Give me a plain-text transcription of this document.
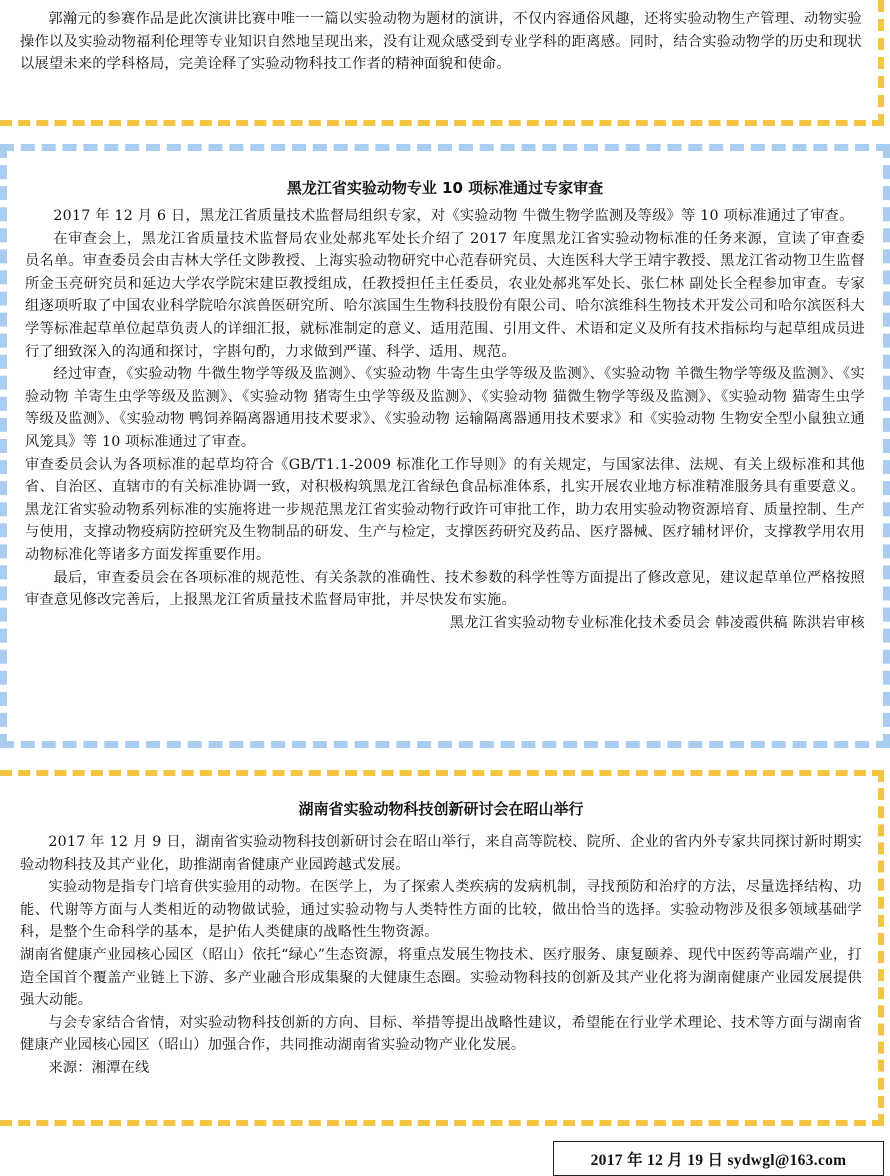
郭瀚元的参赛作品是此次演讲比赛中唯一一篇以实验动物为题材的演讲，不仅内容通俗风趣，还将实验动物生产管理、动物实验操作以及实验动物福利伦理等专业知识自然地呈现出来，没有让观众感受到专业学科的距离感。同时，结合实验动物学的历史和现状以展望未来的学科格局，完美诠释了实验动物科技工作者的精神面貌和使命。

黑龙江省实验动物专业 10 项标准通过专家审查

2017 年 12 月 6 日，黑龙江省质量技术监督局组织专家，对《实验动物 牛微生物学监测及等级》等 10 项标准通过了审查。

在审查会上，黑龙江省质量技术监督局农业处郝兆军处长介绍了 2017 年度黑龙江省实验动物标准的任务来源，宣读了审查委员名单。审查委员会由吉林大学任文陟教授、上海实验动物研究中心范春研究员、大连医科大学王靖宇教授、黑龙江省动物卫生监督所金玉亮研究员和延边大学农学院宋建臣教授组成，任教授担任主任委员，农业处郝兆军处长、张仁林 副处长全程参加审查。专家组逐项听取了中国农业科学院哈尔滨兽医研究所、哈尔滨国生生物科技股份有限公司、哈尔滨维科生物技术开发公司和哈尔滨医科大学等标准起草单位起草负责人的详细汇报，就标准制定的意义、适用范围、引用文件、术语和定义及所有技术指标均与起草组成员进行了细致深入的沟通和探讨，字斟句酌，力求做到严谨、科学、适用、规范。

经过审查，《实验动物 牛微生物学等级及监测》、《实验动物 牛寄生虫学等级及监测》、《实验动物 羊微生物学等级及监测》、《实验动物 羊寄生虫学等级及监测》、《实验动物 猪寄生虫学等级及监测》、《实验动物 猫微生物学等级及监测》、《实验动物 猫寄生虫学等级及监测》、《实验动物 鸭饲养隔离器通用技术要求》、《实验动物 运输隔离器通用技术要求》和《实验动物 生物安全型小鼠独立通风笼具》等 10 项标准通过了审查。

审查委员会认为各项标准的起草均符合《GB/T1.1-2009 标准化工作导则》的有关规定，与国家法律、法规、有关上级标准和其他省、自治区、直辖市的有关标准协调一致，对积极构筑黑龙江省绿色食品标准体系，扎实开展农业地方标准精准服务具有重要意义。黑龙江省实验动物系列标准的实施将进一步规范黑龙江省实验动物行政许可审批工作，助力农用实验动物资源培育、质量控制、生产与使用，支撑动物疫病防控研究及生物制品的研发、生产与检定，支撑医药研究及药品、医疗器械、医疗辅材评价，支撑教学用农用动物标准化等诸多方面发挥重要作用。

最后，审查委员会在各项标准的规范性、有关条款的准确性、技术参数的科学性等方面提出了修改意见，建议起草单位严格按照审查意见修改完善后，上报黑龙江省质量技术监督局审批，并尽快发布实施。

黑龙江省实验动物专业标准化技术委员会 韩凌霞供稿 陈洪岩审核

湖南省实验动物科技创新研讨会在昭山举行

2017 年 12 月 9 日，湖南省实验动物科技创新研讨会在昭山举行，来自高等院校、院所、企业的省内外专家共同探讨新时期实验动物科技及其产业化，助推湖南省健康产业园跨越式发展。

实验动物是指专门培育供实验用的动物。在医学上，为了探索人类疾病的发病机制，寻找预防和治疗的方法，尽量选择结构、功能、代谢等方面与人类相近的动物做试验，通过实验动物与人类特性方面的比较，做出恰当的选择。实验动物涉及很多领域基础学科，是整个生命科学的基本，是护佑人类健康的战略性生物资源。

湖南省健康产业园核心园区（昭山）依托“绿心”生态资源，将重点发展生物技术、医疗服务、康复颐养、现代中医药等高端产业，打造全国首个覆盖产业链上下游、多产业融合形成集聚的大健康生态圈。实验动物科技的创新及其产业化将为湖南健康产业园发展提供强大动能。

与会专家结合省情，对实验动物科技创新的方向、目标、举措等提出战略性建议，希望能在行业学术理论、技术等方面与湖南省健康产业园核心园区（昭山）加强合作，共同推动湖南省实验动物产业化发展。

来源：湘潭在线

2017 年 12 月 19 日 sydwgl@163.com
